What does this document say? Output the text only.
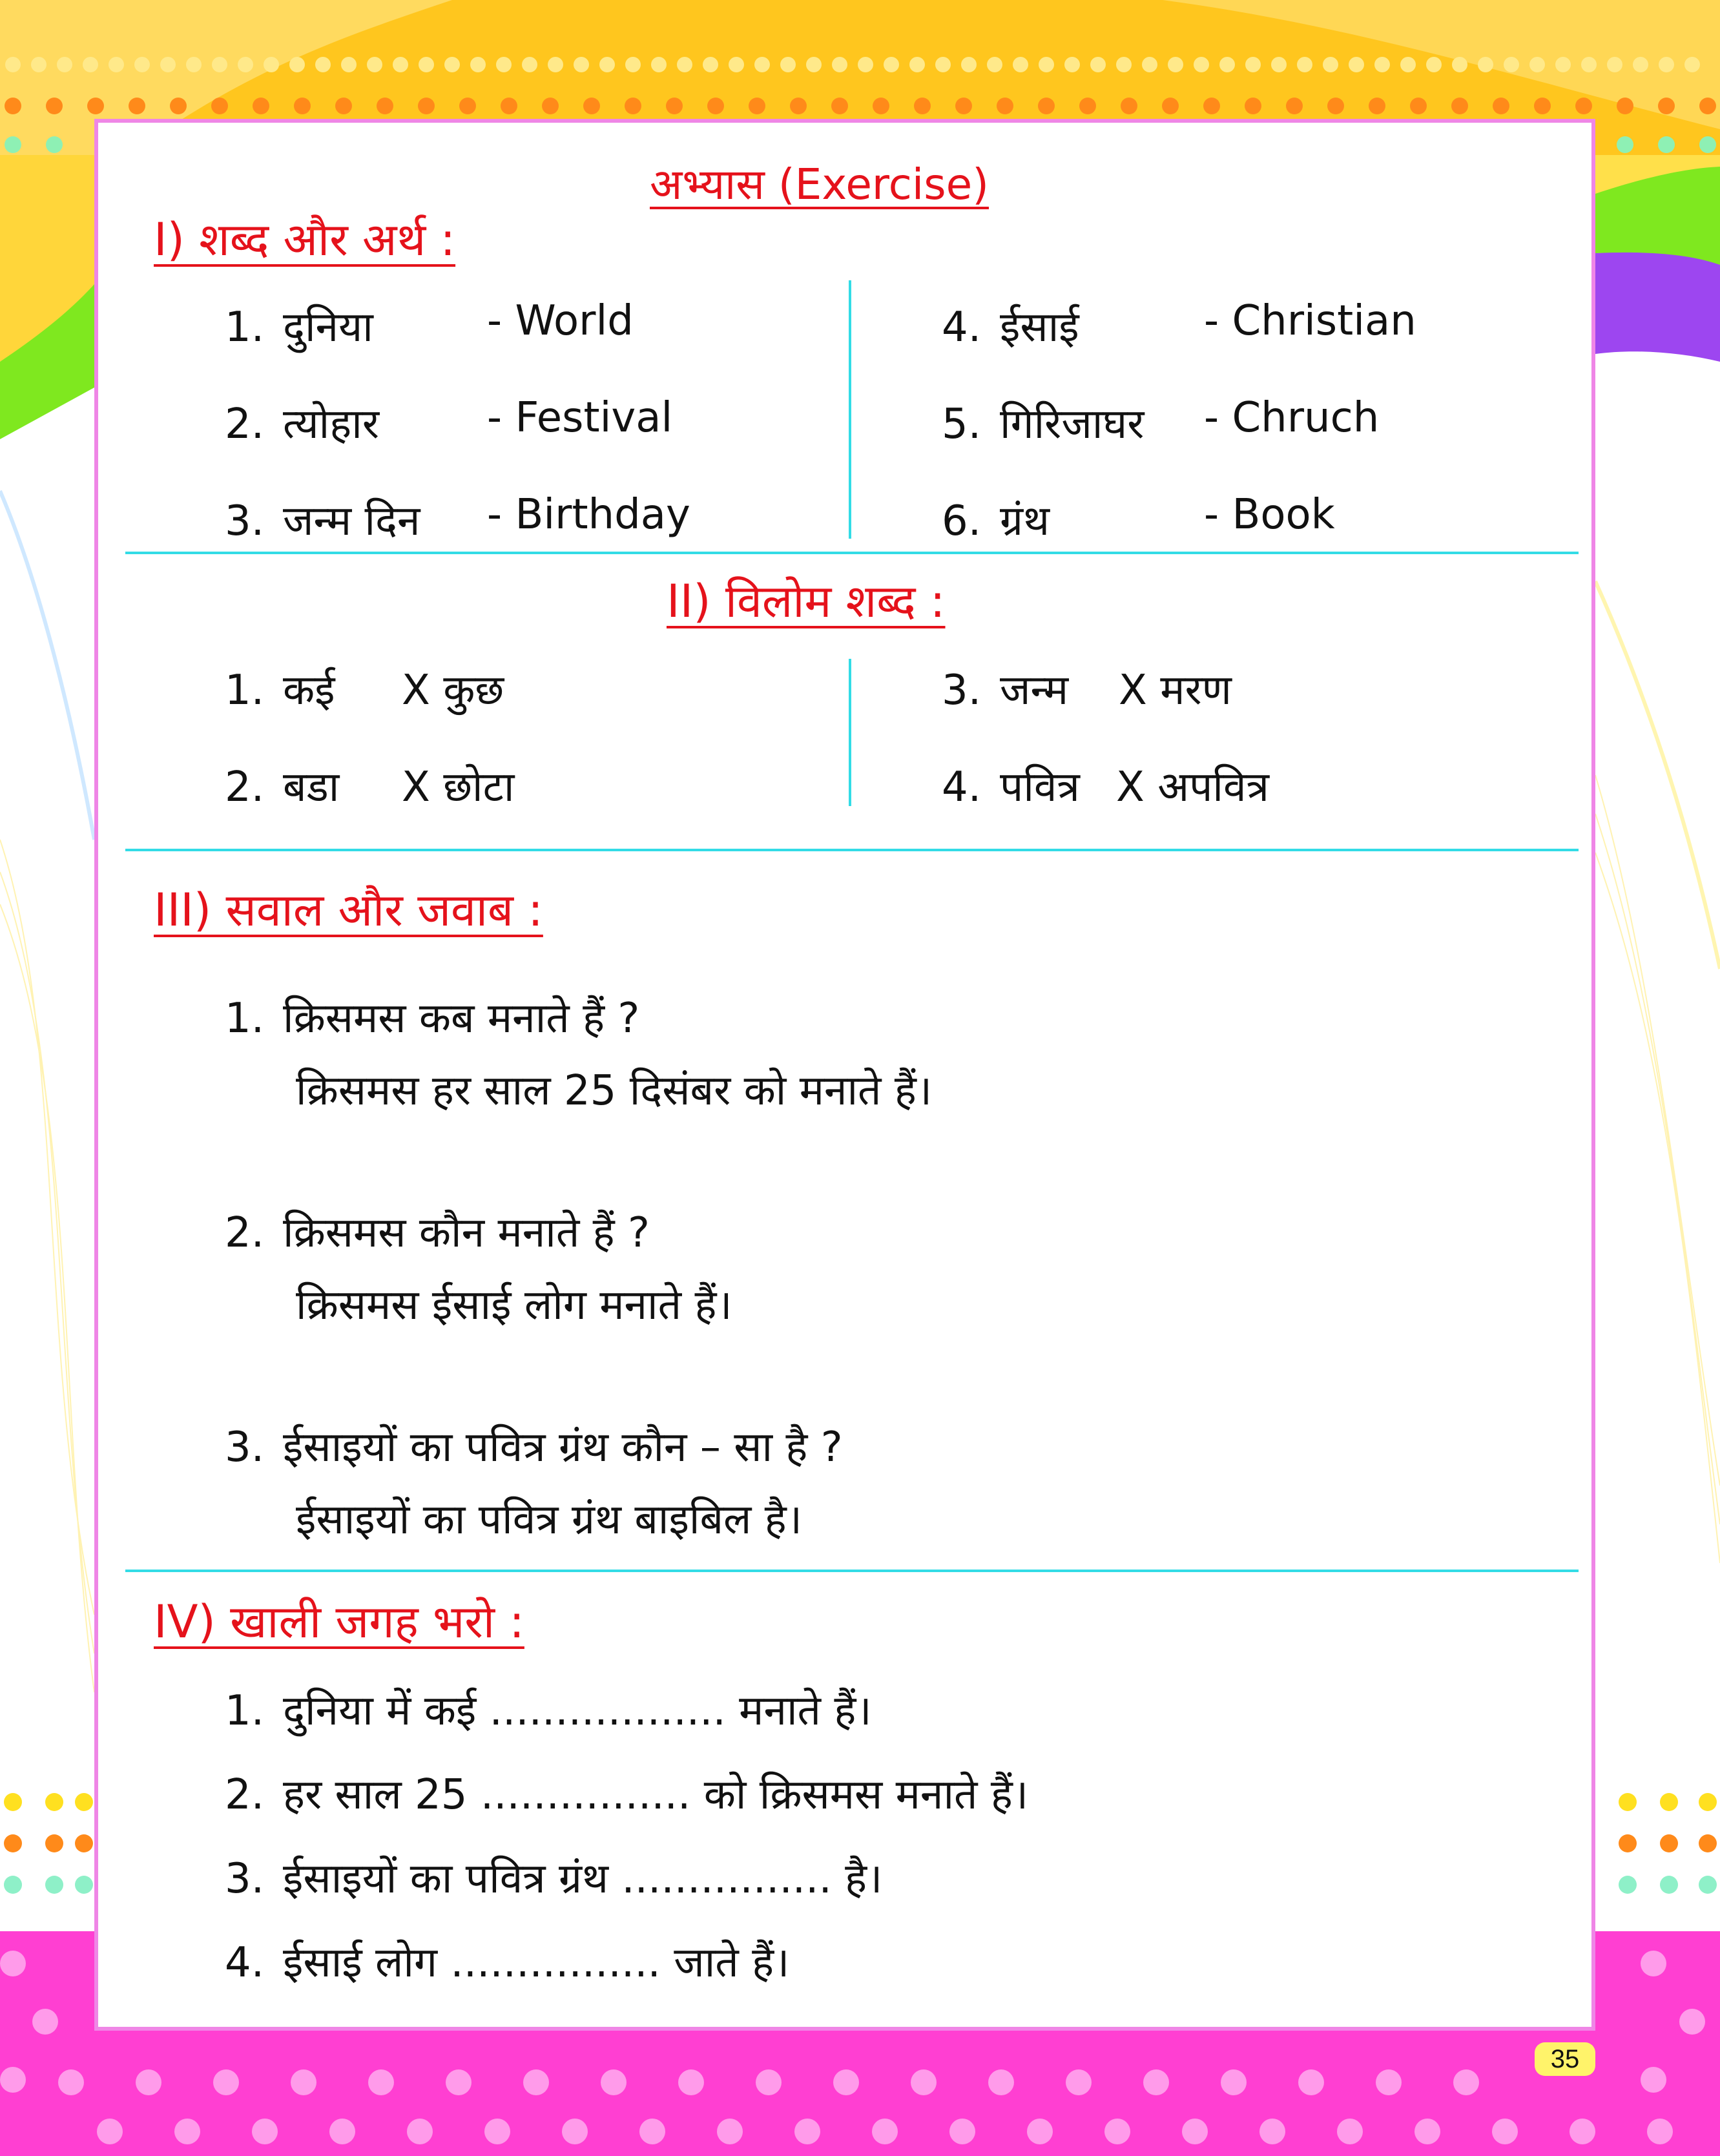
अभ्यास (Exercise)
I) शब्द और अर्थ :
1. दुनिया	- World
2. त्योहार	- Festival
3. जन्म दिन - Birthday
4. ईसाई	- Christian
5. गिरिजाघर - Chruch
6. ग्रंथ	- Book
II) विलोम शब्द :
1. कई X कुछ
2. बडा X छोटा
3. जन्म X मरण
4. पवित्र X अपवित्र
III) सवाल और जवाब :
1. क्रिसमस कब मनाते हैं ?
क्रिसमस हर साल 25 दिसंबर को मनाते हैं।
2. क्रिसमस कौन मनाते हैं ?
क्रिसमस ईसाई लोग मनाते हैं।
3. ईसाइयों का पवित्र ग्रंथ कौन – सा है ?
ईसाइयों का पवित्र ग्रंथ बाइबिल है।
IV) खाली जगह भरो :
1. दुनिया में कई .................. मनाते हैं।
2. हर साल 25 ................ को क्रिसमस मनाते हैं।
3. ईसाइयों का पवित्र ग्रंथ ................ है।
4. ईसाई लोग ................ जाते हैं।
35
